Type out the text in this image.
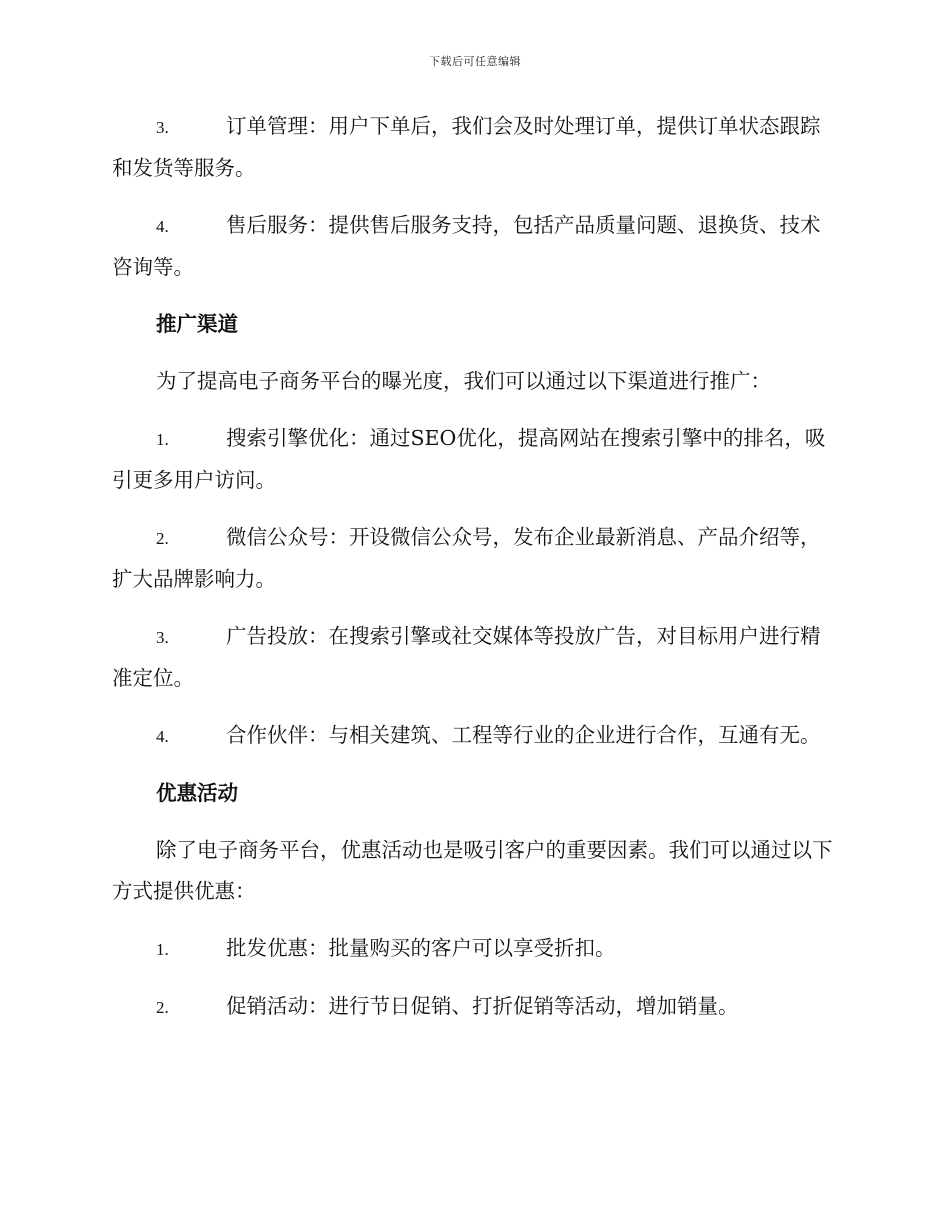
下载后可任意编辑
3.	订单管理：用户下单后，我们会及时处理订单，提供订单状态跟踪和发货等服务。
4.	售后服务：提供售后服务支持，包括产品质量问题、退换货、技术咨询等。
推广渠道
为了提高电子商务平台的曝光度，我们可以通过以下渠道进行推广：
1.	搜索引擎优化：通过SEO优化，提高网站在搜索引擎中的排名，吸引更多用户访问。
2.	微信公众号：开设微信公众号，发布企业最新消息、产品介绍等，扩大品牌影响力。
3.	广告投放：在搜索引擎或社交媒体等投放广告，对目标用户进行精准定位。
4.	合作伙伴：与相关建筑、工程等行业的企业进行合作，互通有无。
优惠活动
除了电子商务平台，优惠活动也是吸引客户的重要因素。我们可以通过以下方式提供优惠：
1.	批发优惠：批量购买的客户可以享受折扣。
2.	促销活动：进行节日促销、打折促销等活动，增加销量。
